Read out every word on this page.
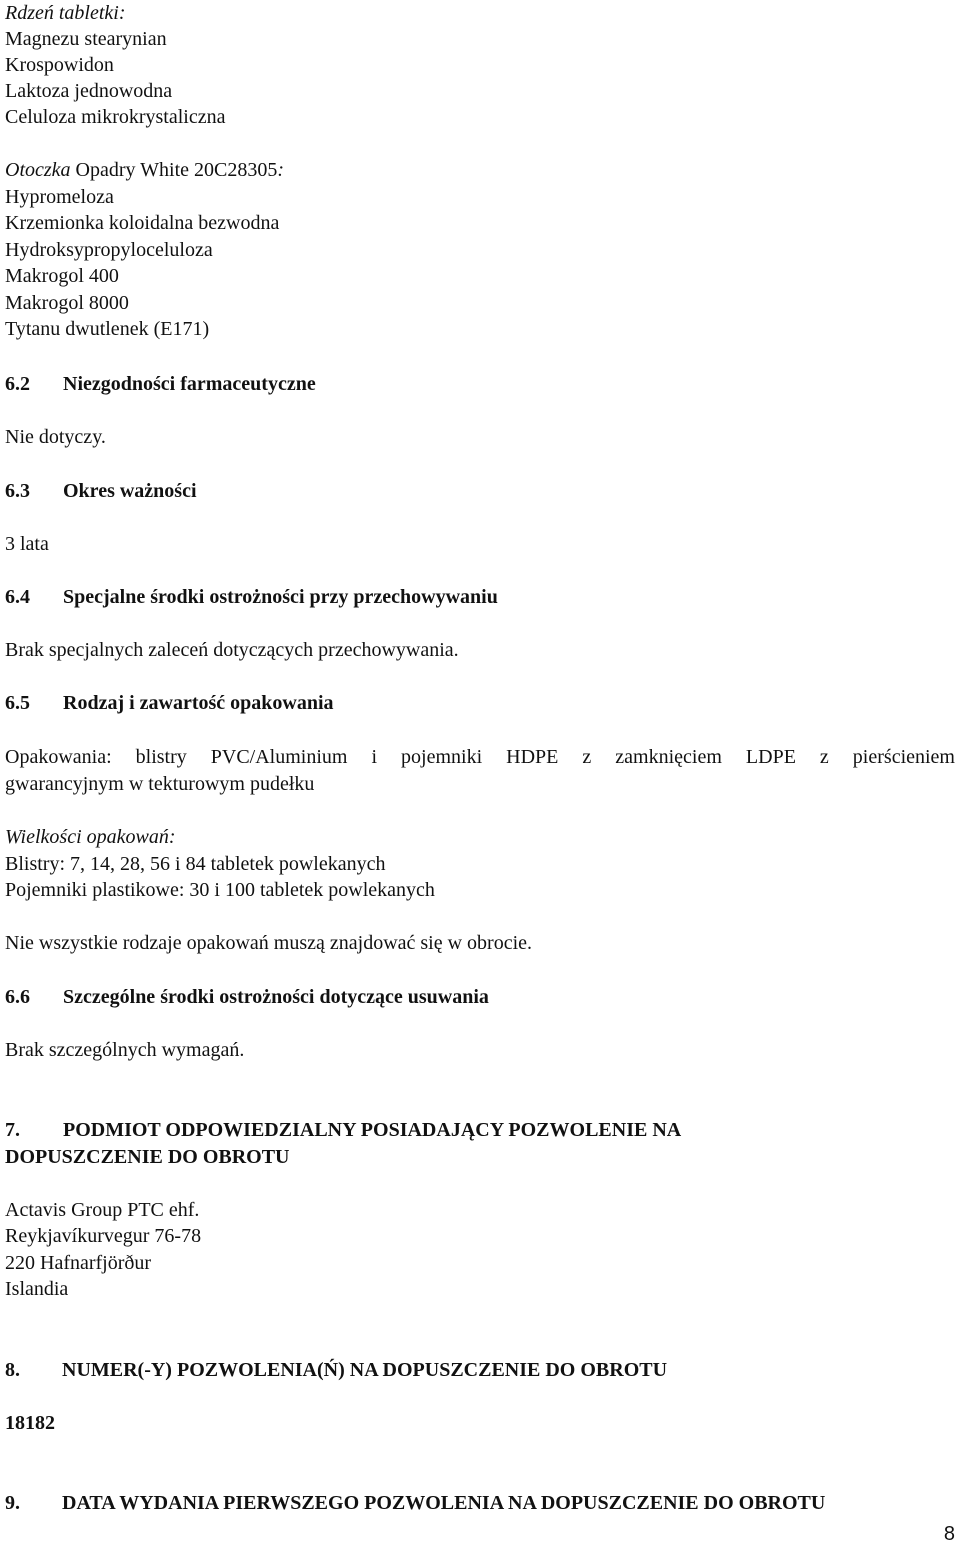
Rdzeń tabletki:
Magnezu stearynian
Krospowidon
Laktoza jednowodna
Celuloza mikrokrystaliczna
Otoczka Opadry White 20C28305:
Hypromeloza
Krzemionka koloidalna bezwodna
Hydroksypropyloceluloza
Makrogol 400
Makrogol 8000
Tytanu dwutlenek (E171)
6.2 Niezgodności farmaceutyczne
Nie dotyczy.
6.3 Okres ważności
3 lata
6.4 Specjalne środki ostrożności przy przechowywaniu
Brak specjalnych zaleceń dotyczących przechowywania.
6.5 Rodzaj i zawartość opakowania
Opakowania: blistry PVC/Aluminium i pojemniki HDPE z zamknięciem LDPE z pierścieniem
gwarancyjnym w tekturowym pudełku
Wielkości opakowań:
Blistry: 7, 14, 28, 56 i 84 tabletek powlekanych
Pojemniki plastikowe: 30 i 100 tabletek powlekanych
Nie wszystkie rodzaje opakowań muszą znajdować się w obrocie.
6.6 Szczególne środki ostrożności dotyczące usuwania
Brak szczególnych wymagań.
7. PODMIOT ODPOWIEDZIALNY POSIADAJĄCY POZWOLENIE NA
DOPUSZCZENIE DO OBROTU
Actavis Group PTC ehf.
Reykjavíkurvegur 76-78
220 Hafnarfjörður
Islandia
8. NUMER(-Y) POZWOLENIA(Ń) NA DOPUSZCZENIE DO OBROTU
18182
9. DATA WYDANIA PIERWSZEGO POZWOLENIA NA DOPUSZCZENIE DO OBROTU
8
